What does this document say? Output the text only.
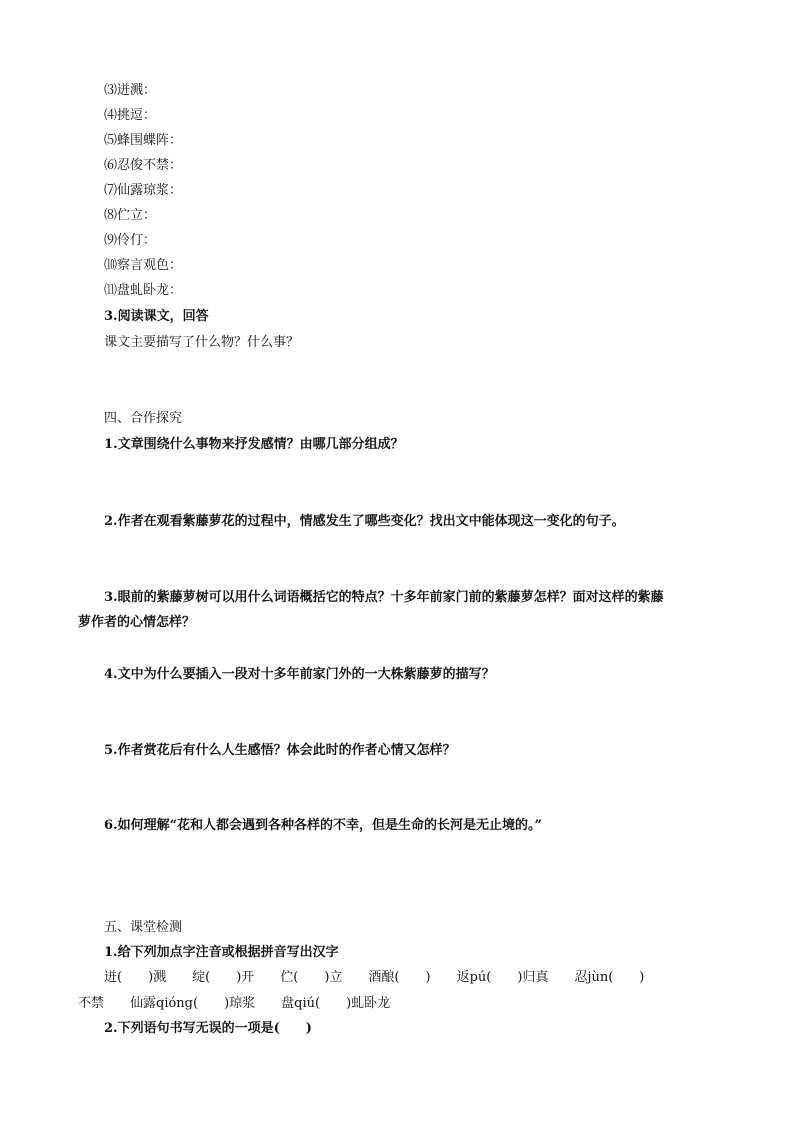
⑶迸溅：

⑷挑逗：

⑸蜂围蝶阵：

⑹忍俊不禁：

⑺仙露琼浆：

⑻伫立：

⑼伶仃：

⑽察言观色：

⑾盘虬卧龙：

3.阅读课文，回答

课文主要描写了什么物？什么事？

四、合作探究

1.文章围绕什么事物来抒发感情？由哪几部分组成？

2.作者在观看紫藤萝花的过程中，情感发生了哪些变化？找出文中能体现这一变化的句子。

3.眼前的紫藤萝树可以用什么词语概括它的特点？十多年前家门前的紫藤萝怎样？面对这样的紫藤

萝作者的心情怎样？

4.文中为什么要插入一段对十多年前家门外的一大株紫藤萝的描写？

5.作者赏花后有什么人生感悟？体会此时的作者心情又怎样？

6.如何理解“花和人都会遇到各种各样的不幸，但是生命的长河是无止境的。”

五、课堂检测

1.给下列加点字注音或根据拼音写出汉字

迸(　　)溅　　绽(　　)开　　伫(　　)立　　酒酿(　　)　　返pú(　　)归真　　忍jùn(　　)

不禁　　仙露qióng(　　)琼浆　　盘qiú(　　)虬卧龙

2.下列语句书写无误的一项是(　　)
